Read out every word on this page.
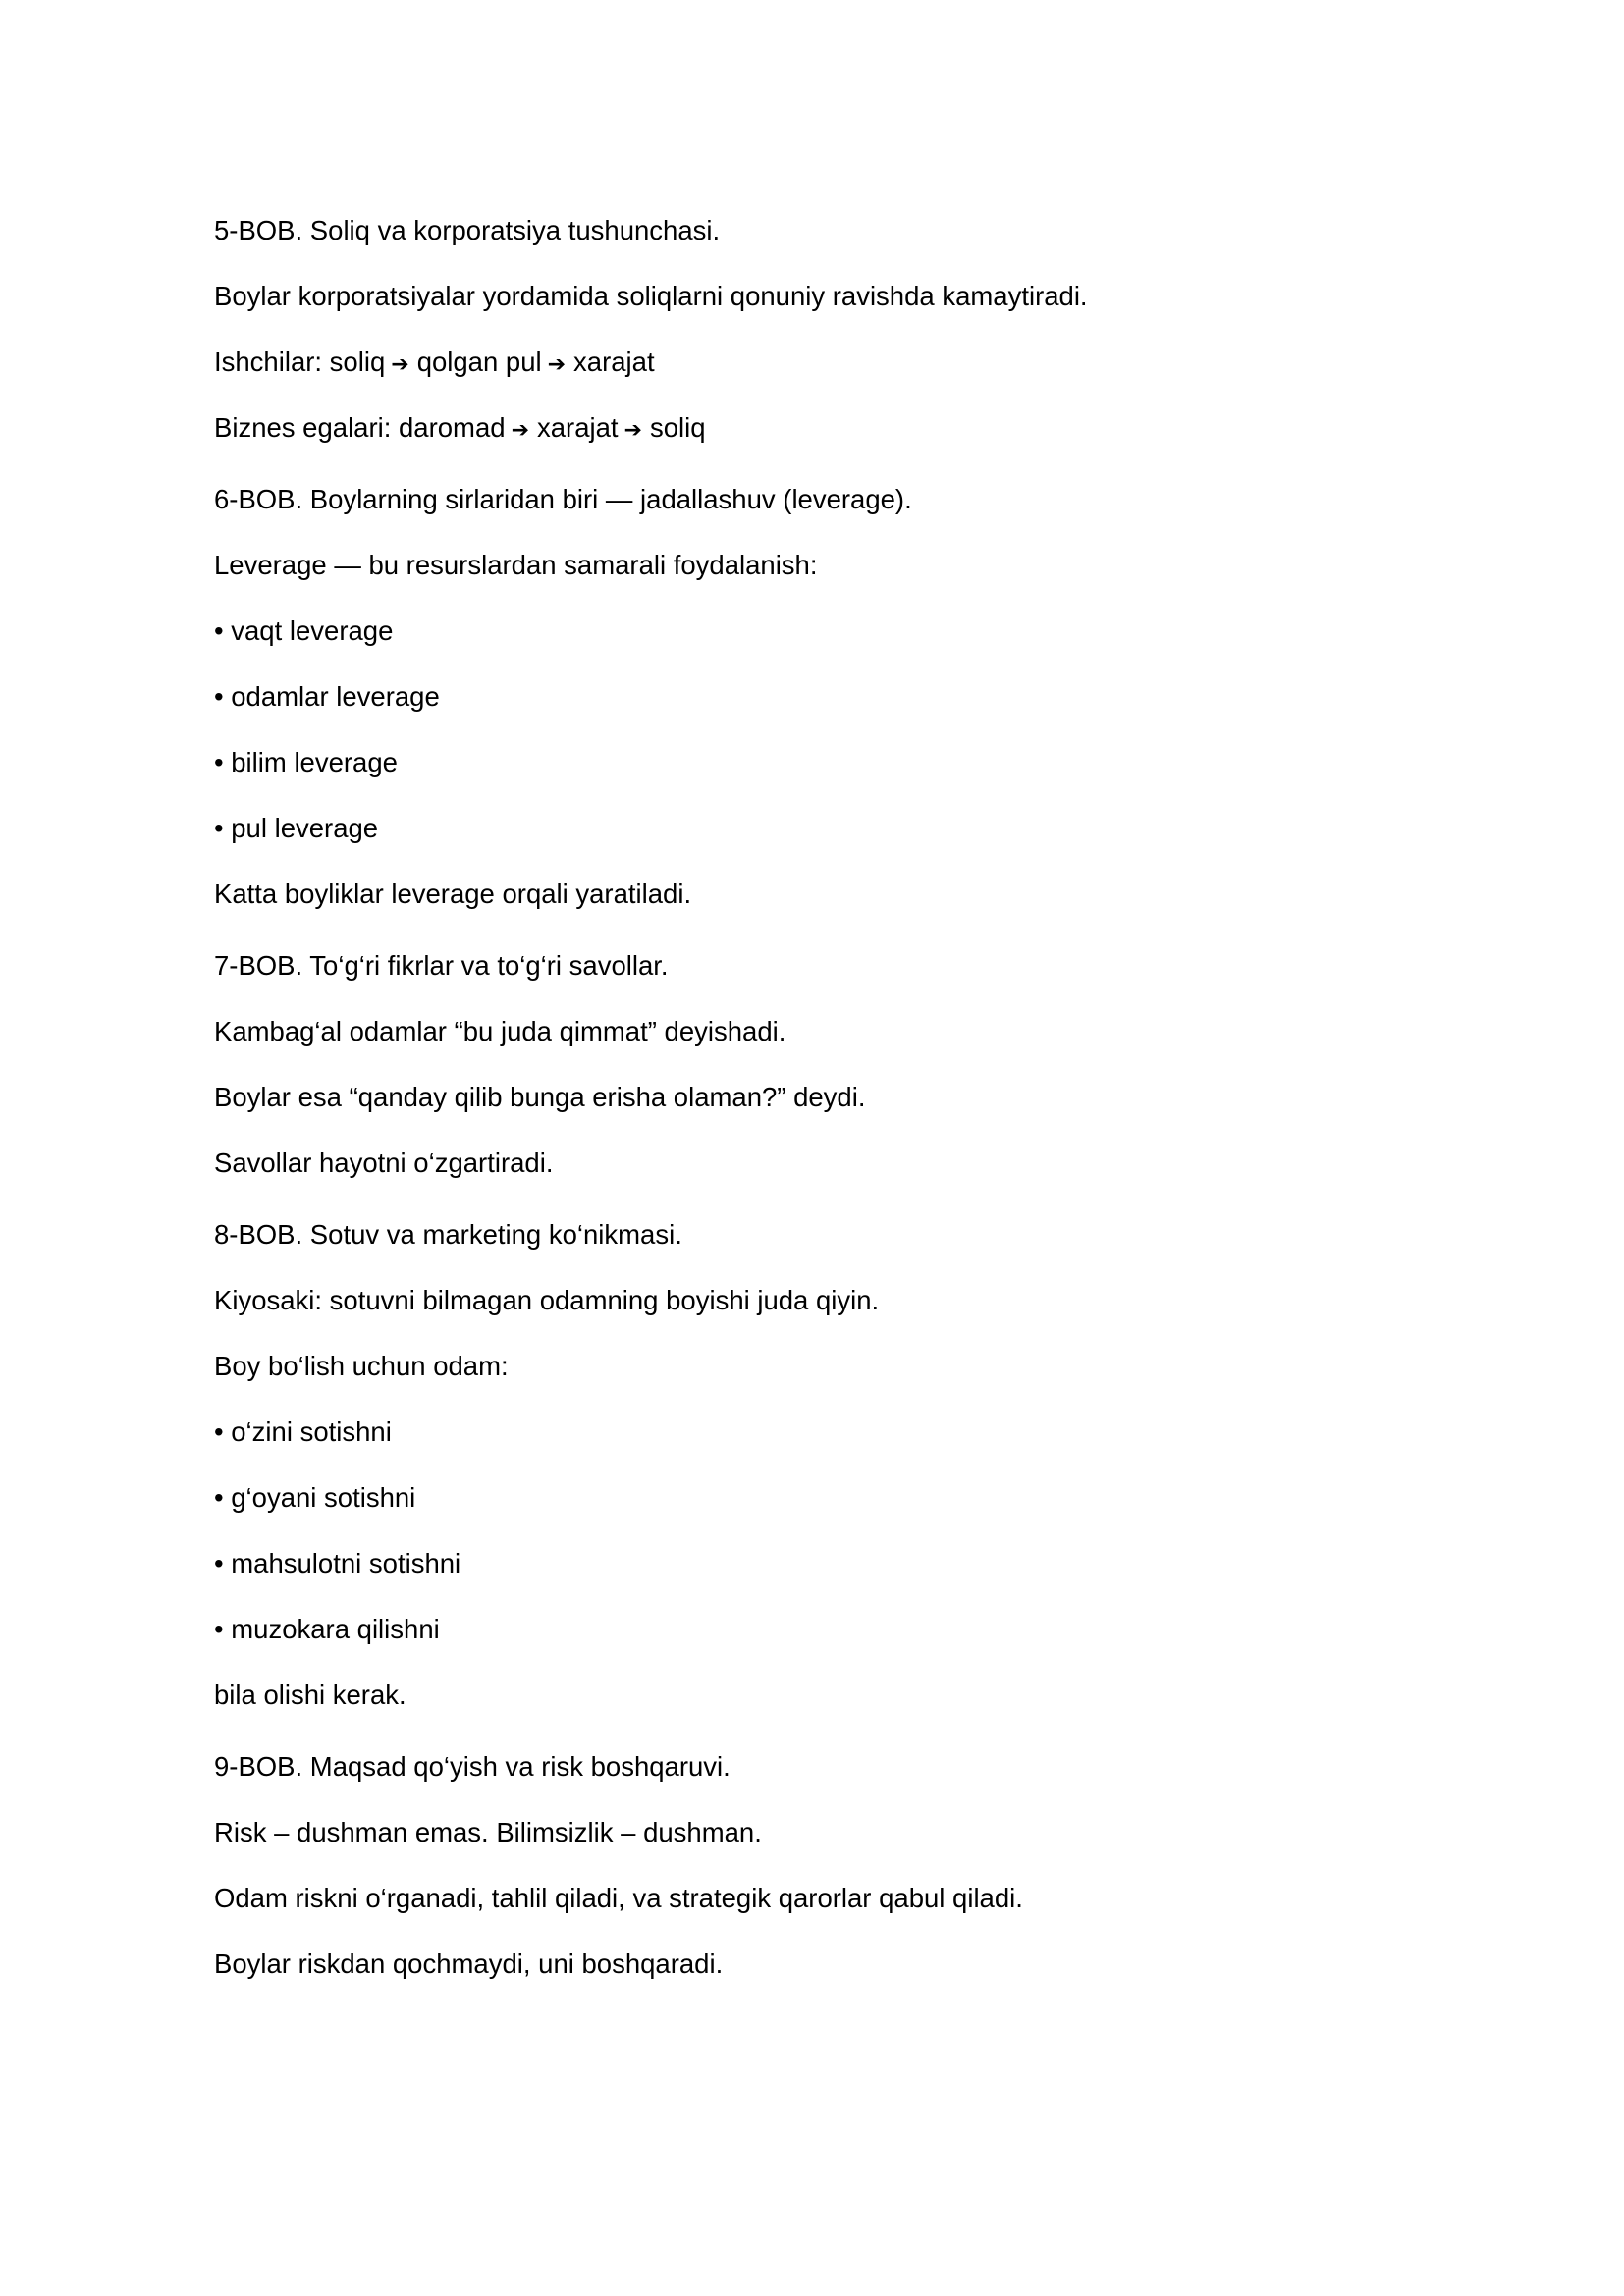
5-BOB. Soliq va korporatsiya tushunchasi.
Boylar korporatsiyalar yordamida soliqlarni qonuniy ravishda kamaytiradi.
Ishchilar: soliq ➔ qolgan pul ➔ xarajat
Biznes egalari: daromad ➔ xarajat ➔ soliq
6-BOB. Boylarning sirlaridan biri — jadallashuv (leverage).
Leverage — bu resurslardan samarali foydalanish:
• vaqt leverage
• odamlar leverage
• bilim leverage
• pul leverage
Katta boyliklar leverage orqali yaratiladi.
7-BOB. To‘g‘ri fikrlar va to‘g‘ri savollar.
Kambag‘al odamlar “bu juda qimmat” deyishadi.
Boylar esa “qanday qilib bunga erisha olaman?” deydi.
Savollar hayotni o‘zgartiradi.
8-BOB. Sotuv va marketing ko‘nikmasi.
Kiyosaki: sotuvni bilmagan odamning boyishi juda qiyin.
Boy bo‘lish uchun odam:
• o‘zini sotishni
• g‘oyani sotishni
• mahsulotni sotishni
• muzokara qilishni
bila olishi kerak.
9-BOB. Maqsad qo‘yish va risk boshqaruvi.
Risk – dushman emas. Bilimsizlik – dushman.
Odam riskni o‘rganadi, tahlil qiladi, va strategik qarorlar qabul qiladi.
Boylar riskdan qochmaydi, uni boshqaradi.
